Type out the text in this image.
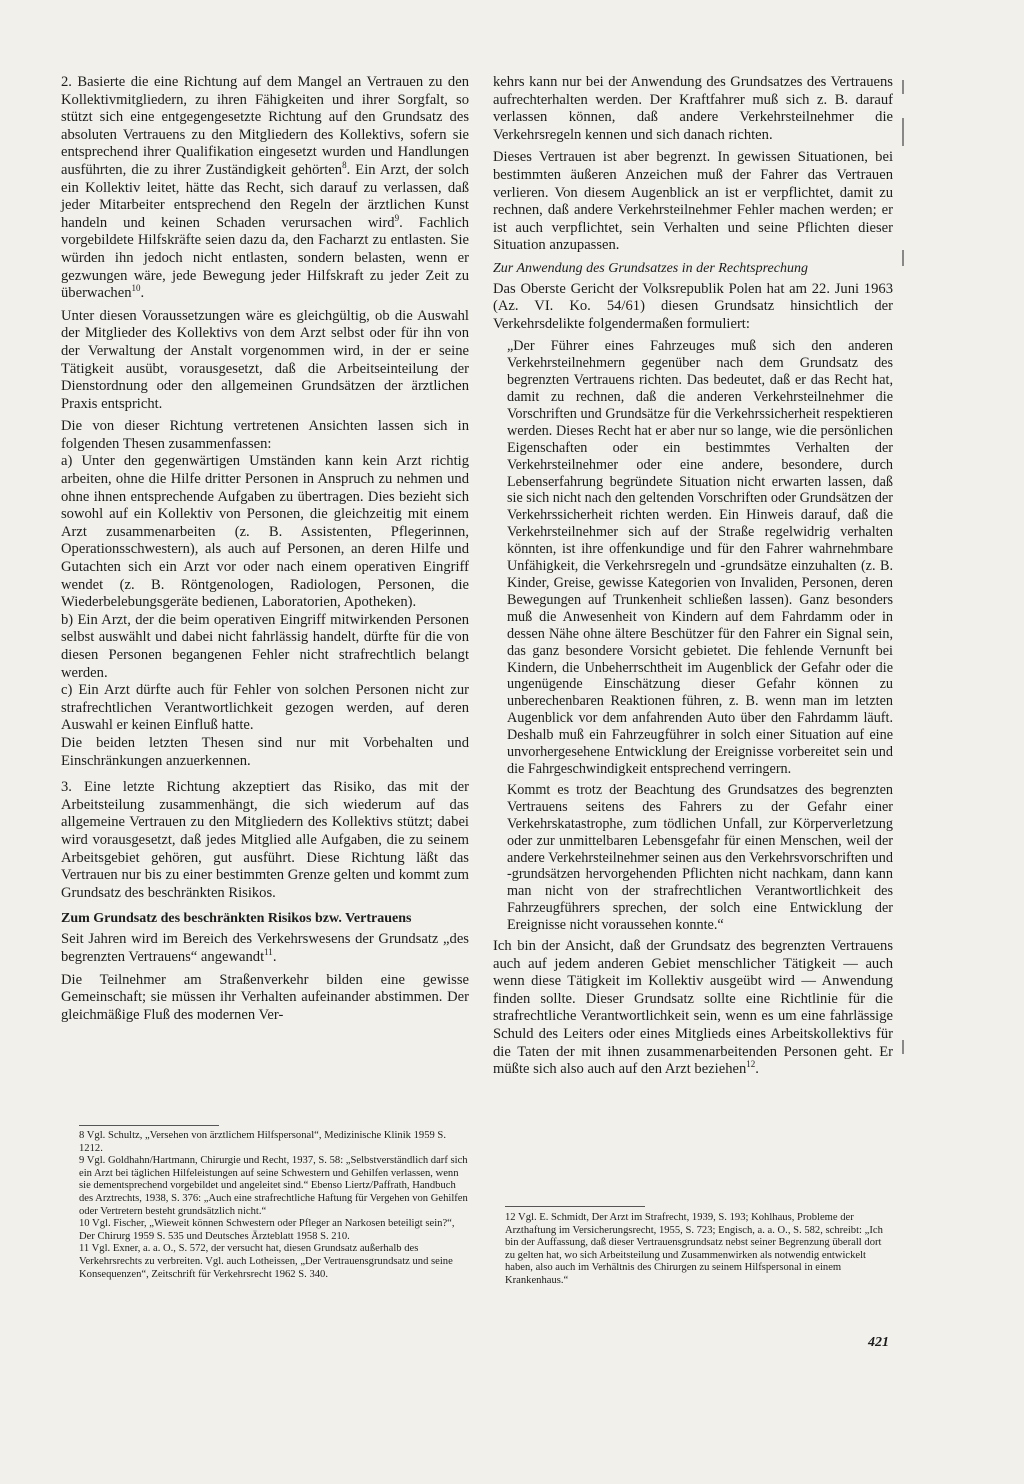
2. Basierte die eine Richtung auf dem Mangel an Vertrauen zu den Kollektivmitgliedern, zu ihren Fähigkeiten und ihrer Sorgfalt, so stützt sich eine entgegengesetzte Richtung auf den Grundsatz des absoluten Vertrauens zu den Mitgliedern des Kollektivs, sofern sie entsprechend ihrer Qualifikation eingesetzt wurden und Handlungen ausführten, die zu ihrer Zuständigkeit gehörten$^8$. Ein Arzt, der solch ein Kollektiv leitet, hätte das Recht, sich darauf zu verlassen, daß jeder Mitarbeiter entsprechend den Regeln der ärztlichen Kunst handeln und keinen Schaden verursachen wird$^9$. Fachlich vorgebildete Hilfskräfte seien dazu da, den Facharzt zu entlasten. Sie würden ihn jedoch nicht entlasten, sondern belasten, wenn er gezwungen wäre, jede Bewegung jeder Hilfskraft zu jeder Zeit zu überwachen$^{10}$.

Unter diesen Voraussetzungen wäre es gleichgültig, ob die Auswahl der Mitglieder des Kollektivs von dem Arzt selbst oder für ihn von der Verwaltung der Anstalt vorgenommen wird, in der er seine Tätigkeit ausübt, vorausgesetzt, daß die Arbeitseinteilung der Dienstordnung oder den allgemeinen Grundsätzen der ärztlichen Praxis entspricht.

Die von dieser Richtung vertretenen Ansichten lassen sich in folgenden Thesen zusammenfassen:

a) Unter den gegenwärtigen Umständen kann kein Arzt richtig arbeiten, ohne die Hilfe dritter Personen in Anspruch zu nehmen und ohne ihnen entsprechende Aufgaben zu übertragen. Dies bezieht sich sowohl auf ein Kollektiv von Personen, die gleichzeitig mit einem Arzt zusammenarbeiten (z. B. Assistenten, Pflegerinnen, Operationsschwestern), als auch auf Personen, an deren Hilfe und Gutachten sich ein Arzt vor oder nach einem operativen Eingriff wendet (z. B. Röntgenologen, Radiologen, Personen, die Wiederbelebungsgeräte bedienen, Laboratorien, Apotheken).

b) Ein Arzt, der die beim operativen Eingriff mitwirkenden Personen selbst auswählt und dabei nicht fahrlässig handelt, dürfte für die von diesen Personen begangenen Fehler nicht strafrechtlich belangt werden.

c) Ein Arzt dürfte auch für Fehler von solchen Personen nicht zur strafrechtlichen Verantwortlichkeit gezogen werden, auf deren Auswahl er keinen Einfluß hatte.

Die beiden letzten Thesen sind nur mit Vorbehalten und Einschränkungen anzuerkennen.

3. Eine letzte Richtung akzeptiert das Risiko, das mit der Arbeitsteilung zusammenhängt, die sich wiederum auf das allgemeine Vertrauen zu den Mitgliedern des Kollektivs stützt; dabei wird vorausgesetzt, daß jedes Mitglied alle Aufgaben, die zu seinem Arbeitsgebiet gehören, gut ausführt. Diese Richtung läßt das Vertrauen nur bis zu einer bestimmten Grenze gelten und kommt zum Grundsatz des beschränkten Risikos.

Zum Grundsatz des beschränkten Risikos bzw. Vertrauens

Seit Jahren wird im Bereich des Verkehrswesens der Grundsatz „des begrenzten Vertrauens“ angewandt$^{11}$.

Die Teilnehmer am Straßenverkehr bilden eine gewisse Gemeinschaft; sie müssen ihr Verhalten aufeinander abstimmen. Der gleichmäßige Fluß des modernen Ver-

8 Vgl. Schultz, „Versehen von ärztlichem Hilfspersonal“, Medizinische Klinik 1959 S. 1212.

9 Vgl. Goldhahn/Hartmann, Chirurgie und Recht, 1937, S. 58: „Selbstverständlich darf sich ein Arzt bei täglichen Hilfeleistungen auf seine Schwestern und Gehilfen verlassen, wenn sie dementsprechend vorgebildet und angeleitet sind.“ Ebenso Liertz/Paffrath, Handbuch des Arztrechts, 1938, S. 376: „Auch eine strafrechtliche Haftung für Vergehen von Gehilfen oder Vertretern besteht grundsätzlich nicht.“

10 Vgl. Fischer, „Wieweit können Schwestern oder Pfleger an Narkosen beteiligt sein?“, Der Chirurg 1959 S. 535 und Deutsches Ärzteblatt 1958 S. 210.

11 Vgl. Exner, a. a. O., S. 572, der versucht hat, diesen Grundsatz außerhalb des Verkehrsrechts zu verbreiten. Vgl. auch Lotheissen, „Der Vertrauensgrundsatz und seine Konsequenzen“, Zeitschrift für Verkehrsrecht 1962 S. 340.

kehrs kann nur bei der Anwendung des Grundsatzes des Vertrauens aufrechterhalten werden. Der Kraftfahrer muß sich z. B. darauf verlassen können, daß andere Verkehrsteilnehmer die Verkehrsregeln kennen und sich danach richten.

Dieses Vertrauen ist aber begrenzt. In gewissen Situationen, bei bestimmten äußeren Anzeichen muß der Fahrer das Vertrauen verlieren. Von diesem Augenblick an ist er verpflichtet, damit zu rechnen, daß andere Verkehrsteilnehmer Fehler machen werden; er ist auch verpflichtet, sein Verhalten und seine Pflichten dieser Situation anzupassen.

Zur Anwendung des Grundsatzes in der Rechtsprechung

Das Oberste Gericht der Volksrepublik Polen hat am 22. Juni 1963 (Az. VI. Ko. 54/61) diesen Grundsatz hinsichtlich der Verkehrsdelikte folgendermaßen formuliert:

„Der Führer eines Fahrzeuges muß sich den anderen Verkehrsteilnehmern gegenüber nach dem Grundsatz des begrenzten Vertrauens richten. Das bedeutet, daß er das Recht hat, damit zu rechnen, daß die anderen Verkehrsteilnehmer die Vorschriften und Grundsätze für die Verkehrssicherheit respektieren werden. Dieses Recht hat er aber nur so lange, wie die persönlichen Eigenschaften oder ein bestimmtes Verhalten der Verkehrsteilnehmer oder eine andere, besondere, durch Lebenserfahrung begründete Situation nicht erwarten lassen, daß sie sich nicht nach den geltenden Vorschriften oder Grundsätzen der Verkehrssicherheit richten werden. Ein Hinweis darauf, daß die Verkehrsteilnehmer sich auf der Straße regelwidrig verhalten könnten, ist ihre offenkundige und für den Fahrer wahrnehmbare Unfähigkeit, die Verkehrsregeln und -grundsätze einzuhalten (z. B. Kinder, Greise, gewisse Kategorien von Invaliden, Personen, deren Bewegungen auf Trunkenheit schließen lassen). Ganz besonders muß die Anwesenheit von Kindern auf dem Fahrdamm oder in dessen Nähe ohne ältere Beschützer für den Fahrer ein Signal sein, das ganz besondere Vorsicht gebietet. Die fehlende Vernunft bei Kindern, die Unbeherrschtheit im Augenblick der Gefahr oder die ungenügende Einschätzung dieser Gefahr können zu unberechenbaren Reaktionen führen, z. B. wenn man im letzten Augenblick vor dem anfahrenden Auto über den Fahrdamm läuft. Deshalb muß ein Fahrzeugführer in solch einer Situation auf eine unvorhergesehene Entwicklung der Ereignisse vorbereitet sein und die Fahrgeschwindigkeit entsprechend verringern.

Kommt es trotz der Beachtung des Grundsatzes des begrenzten Vertrauens seitens des Fahrers zu der Gefahr einer Verkehrskatastrophe, zum tödlichen Unfall, zur Körperverletzung oder zur unmittelbaren Lebensgefahr für einen Menschen, weil der andere Verkehrsteilnehmer seinen aus den Verkehrsvorschriften und -grundsätzen hervorgehenden Pflichten nicht nachkam, dann kann man nicht von der strafrechtlichen Verantwortlichkeit des Fahrzeugführers sprechen, der solch eine Entwicklung der Ereignisse nicht voraussehen konnte.“

Ich bin der Ansicht, daß der Grundsatz des begrenzten Vertrauens auch auf jedem anderen Gebiet menschlicher Tätigkeit — auch wenn diese Tätigkeit im Kollektiv ausgeübt wird — Anwendung finden sollte. Dieser Grundsatz sollte eine Richtlinie für die strafrechtliche Verantwortlichkeit sein, wenn es um eine fahrlässige Schuld des Leiters oder eines Mitglieds eines Arbeitskollektivs für die Taten der mit ihnen zusammenarbeitenden Personen geht. Er müßte sich also auch auf den Arzt beziehen$^{12}$.

12 Vgl. E. Schmidt, Der Arzt im Strafrecht, 1939, S. 193; Kohlhaus, Probleme der Arzthaftung im Versicherungsrecht, 1955, S. 723; Engisch, a. a. O., S. 582, schreibt: „Ich bin der Auffassung, daß dieser Vertrauensgrundsatz nebst seiner Begrenzung überall dort zu gelten hat, wo sich Arbeitsteilung und Zusammenwirken als notwendig entwickelt haben, also auch im Verhältnis des Chirurgen zu seinem Hilfspersonal in einem Krankenhaus.“

421
